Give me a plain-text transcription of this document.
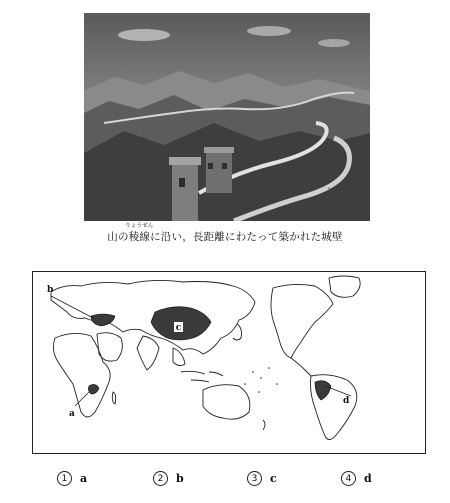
山の
りょうせん
稜線に沿い，長距離にわたって築かれた城壁
c
b
a
d
1	a	2	b	3	c	4	d
